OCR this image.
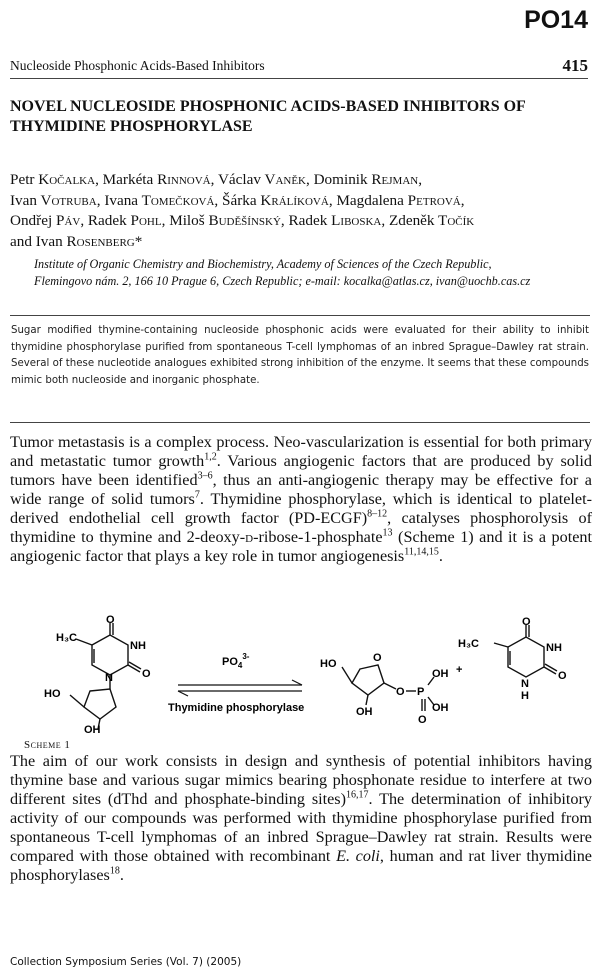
PO14
Nucleoside Phosphonic Acids-Based Inhibitors	415
NOVEL NUCLEOSIDE PHOSPHONIC ACIDS-BASED INHIBITORS OF
THYMIDINE PHOSPHORYLASE
Petr Kočalka, Markéta Rinnová, Václav Vaněk, Dominik Rejman,
Ivan Votruba, Ivana Tomečková, Šárka Králíková, Magdalena Petrová,
Ondřej Páv, Radek Pohl, Miloš Buděšínský, Radek Liboska, Zdeněk Točík
and Ivan Rosenberg*
Institute of Organic Chemistry and Biochemistry, Academy of Sciences of the Czech Republic,
Flemingovo nám. 2, 166 10 Prague 6, Czech Republic; e-mail: kocalka@atlas.cz, ivan@uochb.cas.cz
Sugar modified thymine-containing nucleoside phosphonic acids were evaluated for their ability to inhibit thymidine phosphorylase purified from spontaneous T-cell lymphomas of an inbred Sprague–Dawley rat strain. Several of these nucleotide analogues exhibited strong inhibition of the enzyme. It seems that these compounds mimic both nucleoside and inorganic phosphate.
Tumor metastasis is a complex process. Neo-vascularization is essential for both primary and metastatic tumor growth$^{1,2}$. Various angiogenic factors that are produced by solid tumors have been identified$^{3-6}$, thus an anti-angiogenic therapy may be effective for a wide range of solid tumors$^7$. Thymidine phosphorylase, which is identical to platelet-derived endothelial cell growth factor (PD-ECGF)$^{8-12}$, catalyses phosphorolysis of thymidine to thymine and 2-deoxy-d-ribose-1-phosphate$^{13}$ (Scheme 1) and it is a potent angiogenic factor that plays a key role in tumor angiogenesis$^{11,14,15}$.
H₃C
O
NH
O
N
HO
OH
$PO_4^{3-}$
Thymidine phosphorylase
HO	O
OH
O P
OH
OH
O
+
H₃C
O
NH
O
N
H
Scheme 1
The aim of our work consists in design and synthesis of potential inhibitors having thymine base and various sugar mimics bearing phosphonate residue to interfere at two different sites (dThd and phosphate-binding sites)$^{16,17}$. The determination of inhibitory activity of our compounds was performed with thymidine phosphorylase purified from spontaneous T-cell lymphomas of an inbred Sprague–Dawley rat strain. Results were compared with those obtained with recombinant E. coli, human and rat liver thymidine phosphorylases$^{18}$.
Collection Symposium Series (Vol. 7) (2005)
